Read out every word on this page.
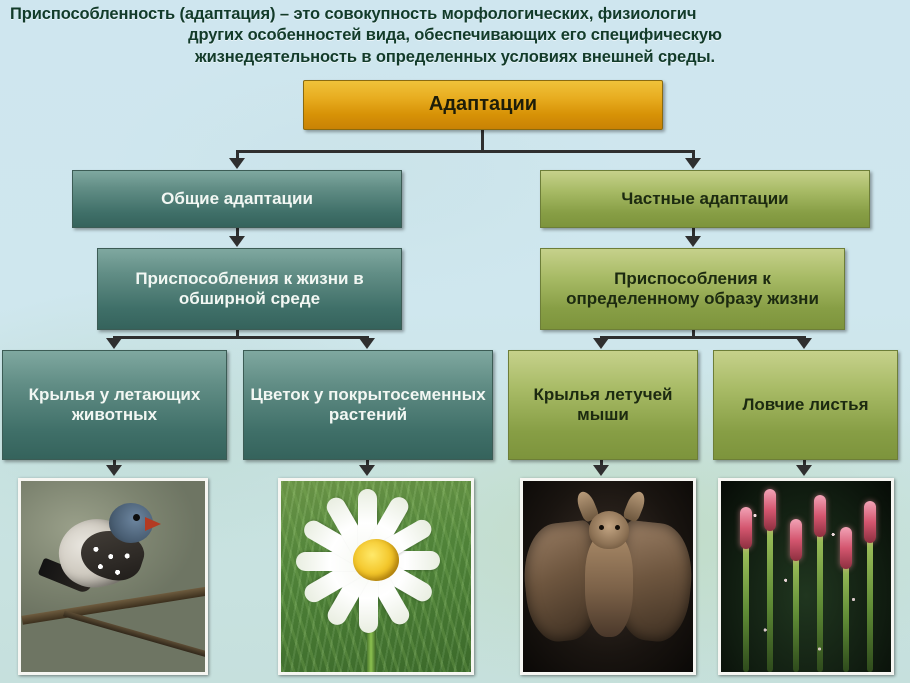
Приспособленность (адаптация) – это совокупность морфологических, физиологич
других особенностей вида, обеспечивающих его специфическую
жизнедеятельность в определенных условиях внешней среды.
Адаптации
Общие адаптации	Частные адаптации
Приспособления к жизни в обширной среде
Приспособления к определенному образу жизни
Крылья у летающих животных
Цветок у покрытосеменных растений
Крылья летучей мыши
Ловчие листья
